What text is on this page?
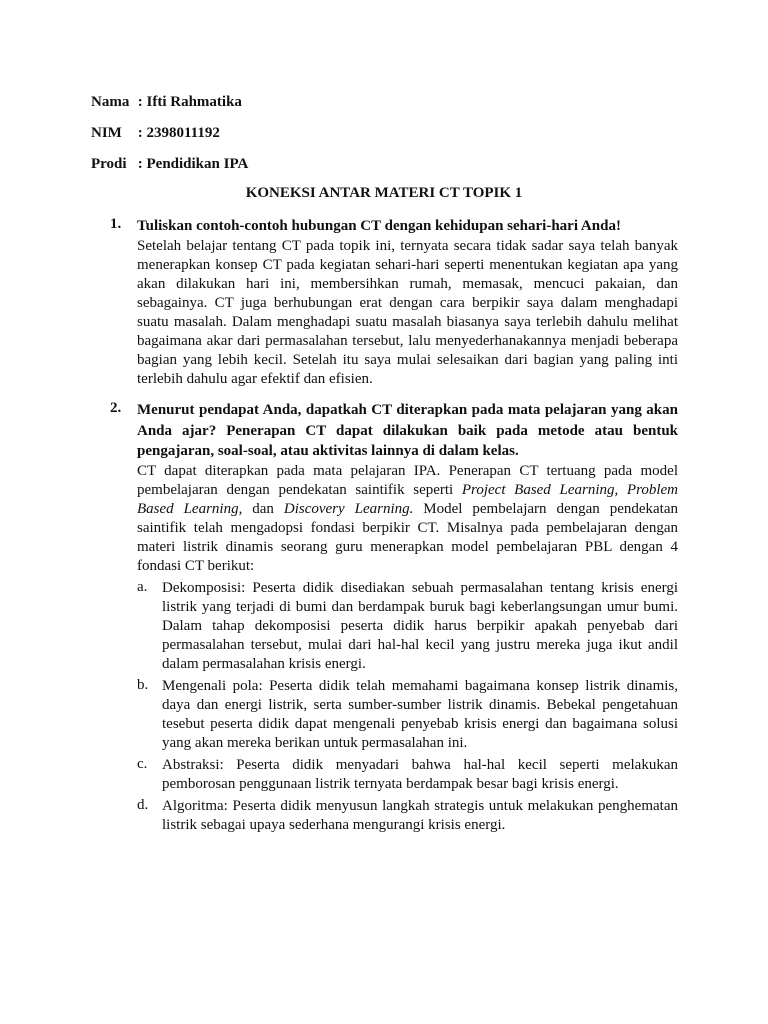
Nama : Ifti Rahmatika
NIM : 2398011192
Prodi : Pendidikan IPA
KONEKSI ANTAR MATERI CT TOPIK 1
1. Tuliskan contoh-contoh hubungan CT dengan kehidupan sehari-hari Anda!
Setelah belajar tentang CT pada topik ini, ternyata secara tidak sadar saya telah banyak menerapkan konsep CT pada kegiatan sehari-hari seperti menentukan kegiatan apa yang akan dilakukan hari ini, membersihkan rumah, memasak, mencuci pakaian, dan sebagainya. CT juga berhubungan erat dengan cara berpikir saya dalam menghadapi suatu masalah. Dalam menghadapi suatu masalah biasanya saya terlebih dahulu melihat bagaimana akar dari permasalahan tersebut, lalu menyederhanakannya menjadi beberapa bagian yang lebih kecil. Setelah itu saya mulai selesaikan dari bagian yang paling inti terlebih dahulu agar efektif dan efisien.
2. Menurut pendapat Anda, dapatkah CT diterapkan pada mata pelajaran yang akan Anda ajar? Penerapan CT dapat dilakukan baik pada metode atau bentuk pengajaran, soal-soal, atau aktivitas lainnya di dalam kelas.
CT dapat diterapkan pada mata pelajaran IPA. Penerapan CT tertuang pada model pembelajaran dengan pendekatan saintifik seperti Project Based Learning, Problem Based Learning, dan Discovery Learning. Model pembelajarn dengan pendekatan saintifik telah mengadopsi fondasi berpikir CT. Misalnya pada pembelajaran dengan materi listrik dinamis seorang guru menerapkan model pembelajaran PBL dengan 4 fondasi CT berikut:
a. Dekomposisi: Peserta didik disediakan sebuah permasalahan tentang krisis energi listrik yang terjadi di bumi dan berdampak buruk bagi keberlangsungan umur bumi. Dalam tahap dekomposisi peserta didik harus berpikir apakah penyebab dari permasalahan tersebut, mulai dari hal-hal kecil yang justru mereka juga ikut andil dalam permasalahan krisis energi.
b. Mengenali pola: Peserta didik telah memahami bagaimana konsep listrik dinamis, daya dan energi listrik, serta sumber-sumber listrik dinamis. Bebekal pengetahuan tesebut peserta didik dapat mengenali penyebab krisis energi dan bagaimana solusi yang akan mereka berikan untuk permasalahan ini.
c. Abstraksi: Peserta didik menyadari bahwa hal-hal kecil seperti melakukan pemborosan penggunaan listrik ternyata berdampak besar bagi krisis energi.
d. Algoritma: Peserta didik menyusun langkah strategis untuk melakukan penghematan listrik sebagai upaya sederhana mengurangi krisis energi.
